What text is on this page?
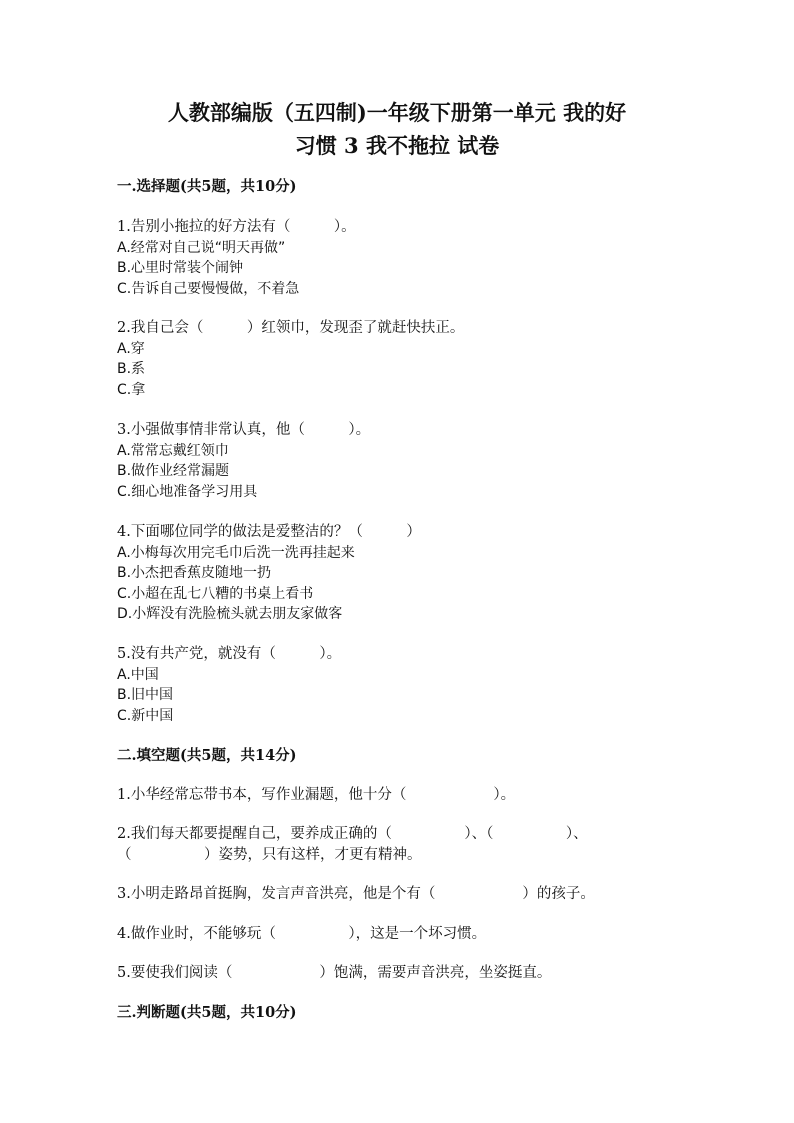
人教部编版（五四制)一年级下册第一单元 我的好
习惯 3 我不拖拉 试卷
一.选择题(共5题，共10分)
1.告别小拖拉的好方法有（　　　）。
A.经常对自己说“明天再做”
B.心里时常装个闹钟
C.告诉自己要慢慢做，不着急
2.我自己会（　　　）红领巾，发现歪了就赶快扶正。
A.穿
B.系
C.拿
3.小强做事情非常认真，他（　　　）。
A.常常忘戴红领巾
B.做作业经常漏题
C.细心地准备学习用具
4.下面哪位同学的做法是爱整洁的？（　　　）
A.小梅每次用完毛巾后洗一洗再挂起来
B.小杰把香蕉皮随地一扔
C.小超在乱七八糟的书桌上看书
D.小辉没有洗脸梳头就去朋友家做客
5.没有共产党，就没有（　　　）。
A.中国
B.旧中国
C.新中国
二.填空题(共5题，共14分)
1.小华经常忘带书本，写作业漏题，他十分（　　　　　　）。
2.我们每天都要提醒自己，要养成正确的（　　　　　）、（　　　　　）、
（　　　　　）姿势，只有这样，才更有精神。
3.小明走路昂首挺胸，发言声音洪亮，他是个有（　　　　　　）的孩子。
4.做作业时，不能够玩（　　　　　），这是一个坏习惯。
5.要使我们阅读（　　　　　　）饱满，需要声音洪亮，坐姿挺直。
三.判断题(共5题，共10分)
